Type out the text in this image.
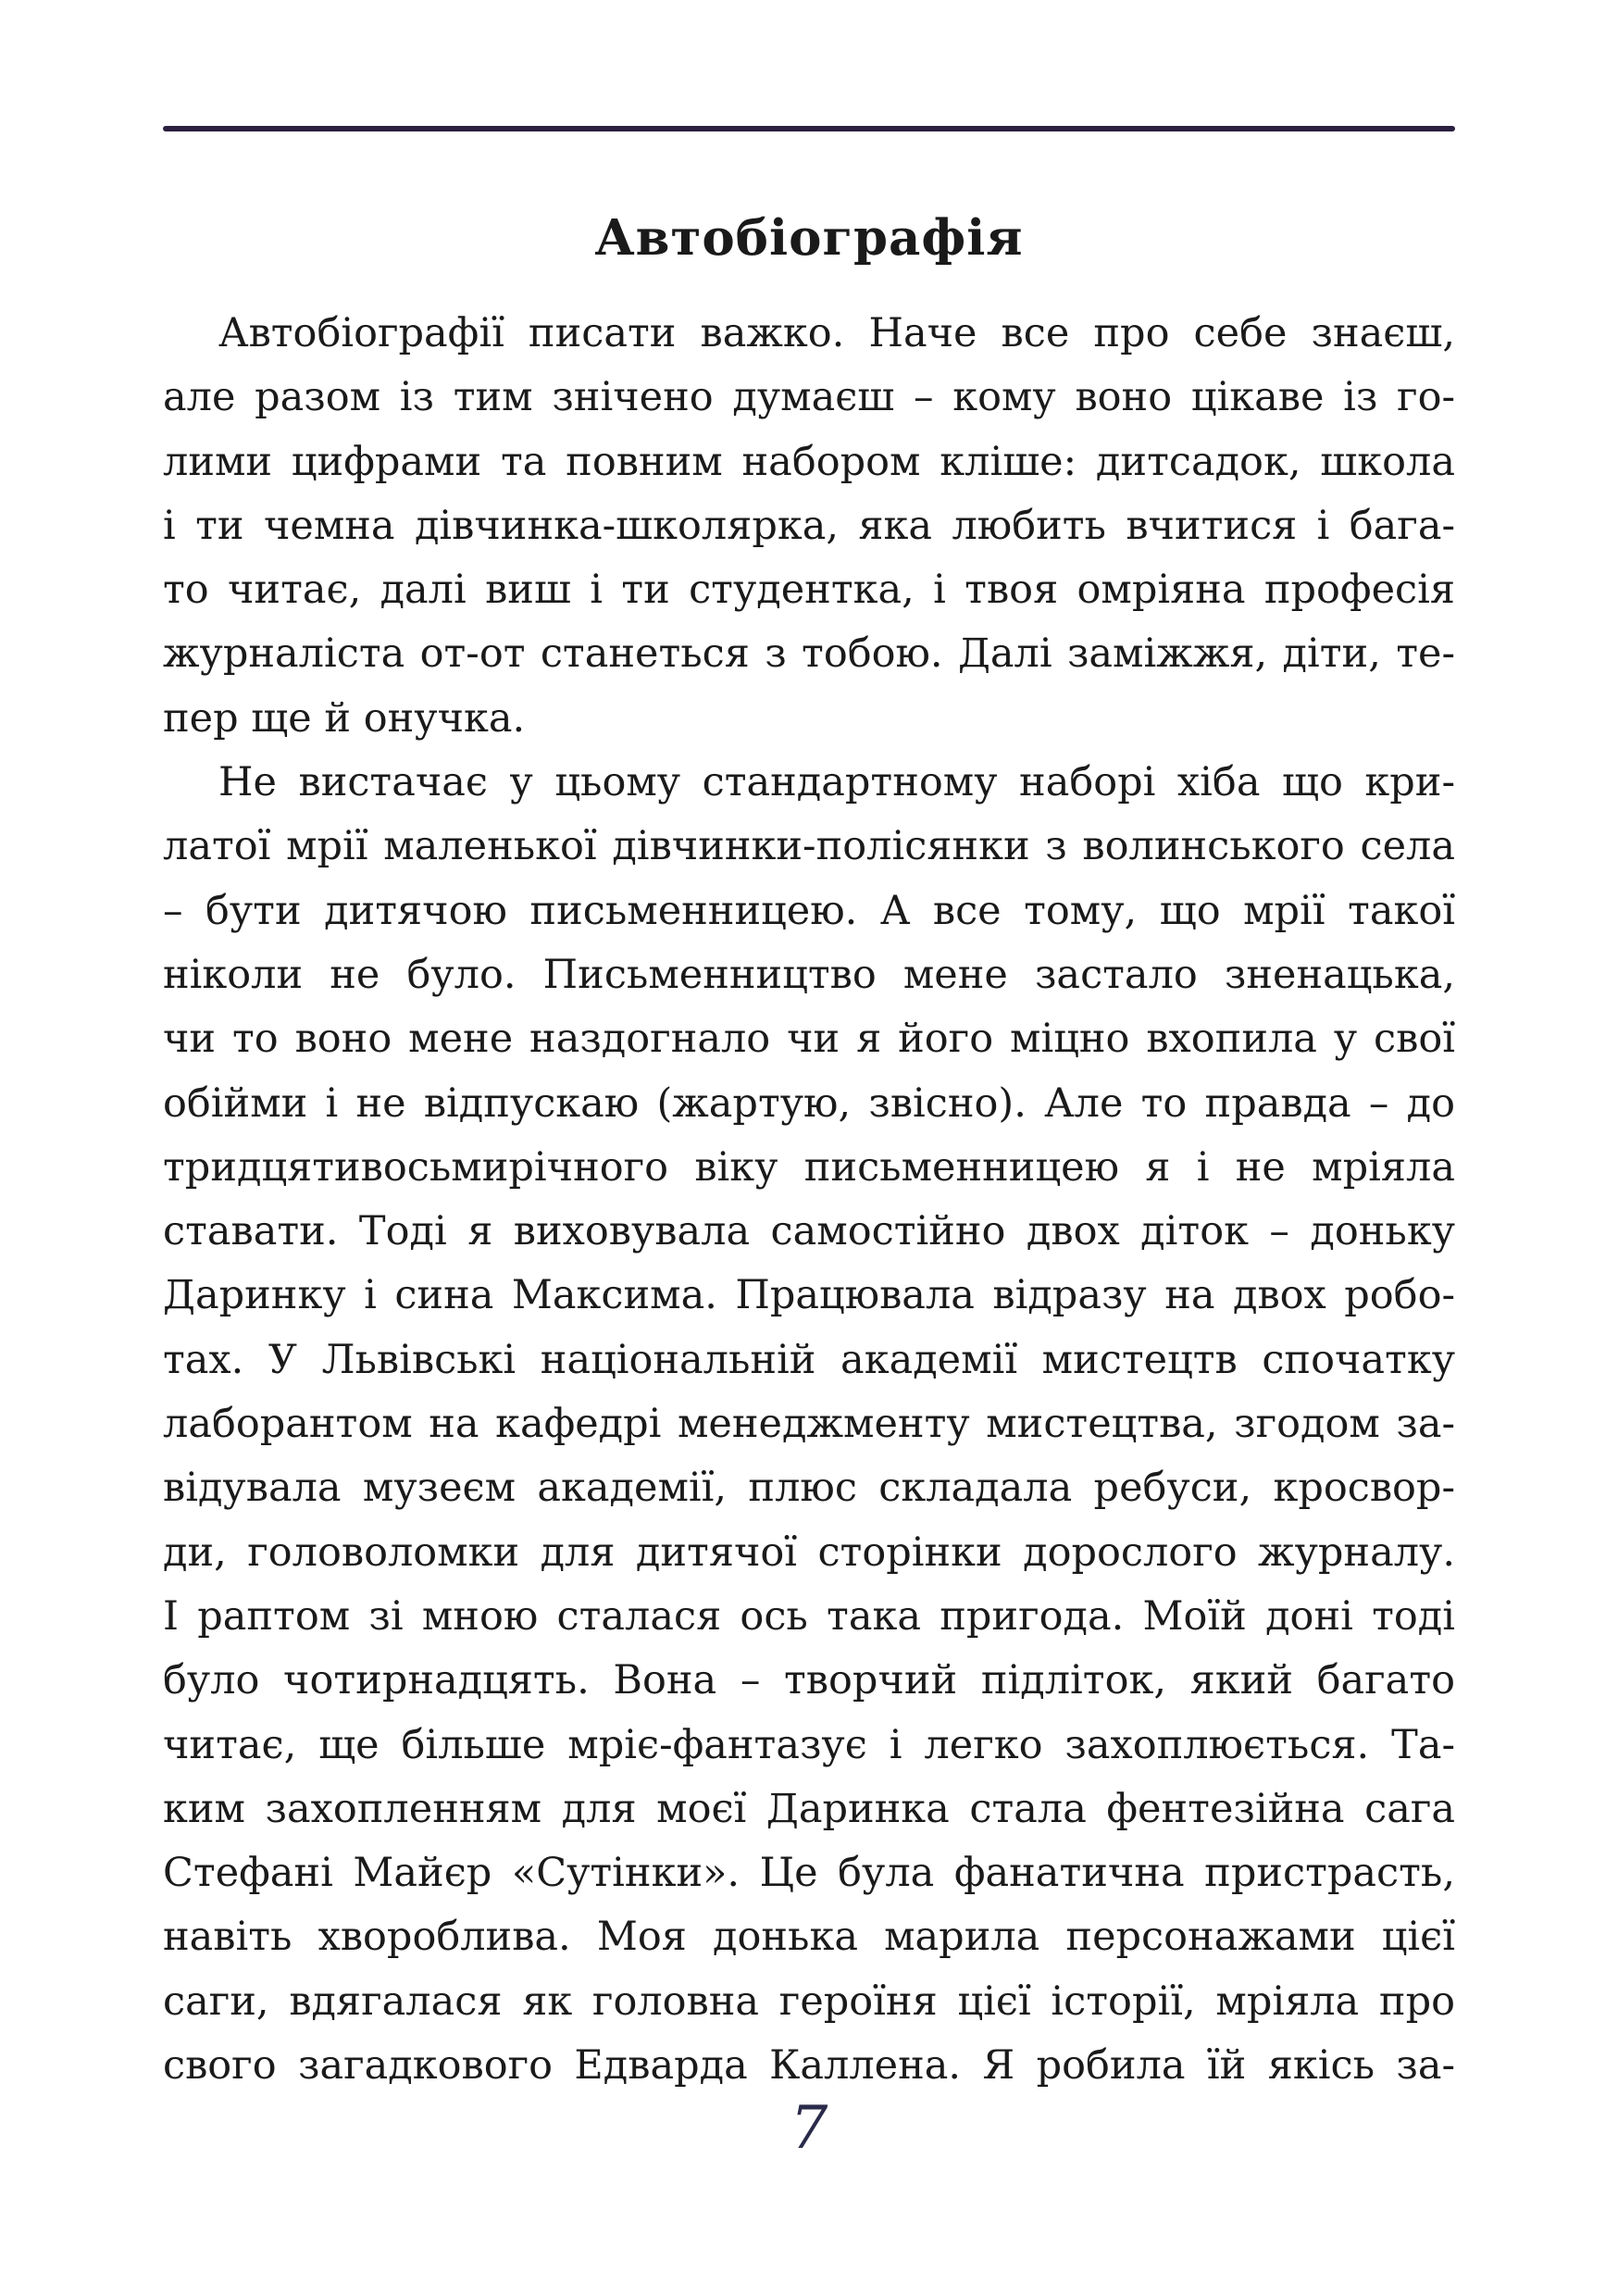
Автобіографія
Автобіографії писати важко. Наче все про себе знаєш,
але разом із тим знічено думаєш – кому воно цікаве із го-
лими цифрами та повним набором кліше: дитсадок, школа
і ти чемна дівчинка-школярка, яка любить вчитися і бага-
то читає, далі виш і ти студентка, і твоя омріяна професія
журналіста от-от станеться з тобою. Далі заміжжя, діти, те-
пер ще й онучка.
Не вистачає у цьому стандартному наборі хіба що кри-
латої мрії маленької дівчинки-полісянки з волинського села
– бути дитячою письменницею. А все тому, що мрії такої
ніколи не було. Письменництво мене застало зненацька,
чи то воно мене наздогнало чи я його міцно вхопила у свої
обійми і не відпускаю (жартую, звісно). Але то правда – до
тридцятивосьмирічного віку письменницею я і не мріяла
ставати. Тоді я виховувала самостійно двох діток – доньку
Даринку і сина Максима. Працювала відразу на двох робо-
тах. У Львівські національній академії мистецтв спочатку
лаборантом на кафедрі менеджменту мистецтва, згодом за-
відувала музеєм академії, плюс складала ребуси, кросвор-
ди, головоломки для дитячої сторінки дорослого журналу.
І раптом зі мною сталася ось така пригода. Моїй доні тоді
було чотирнадцять. Вона – творчий підліток, який багато
читає, ще більше мріє-фантазує і легко захоплюється. Та-
ким захопленням для моєї Даринка стала фентезійна сага
Стефані Майєр «Сутінки». Це була фанатична пристрасть,
навіть хвороблива. Моя донька марила персонажами цієї
саги, вдягалася як головна героїня цієї історії, мріяла про
свого загадкового Едварда Каллена. Я робила їй якісь за-
7
